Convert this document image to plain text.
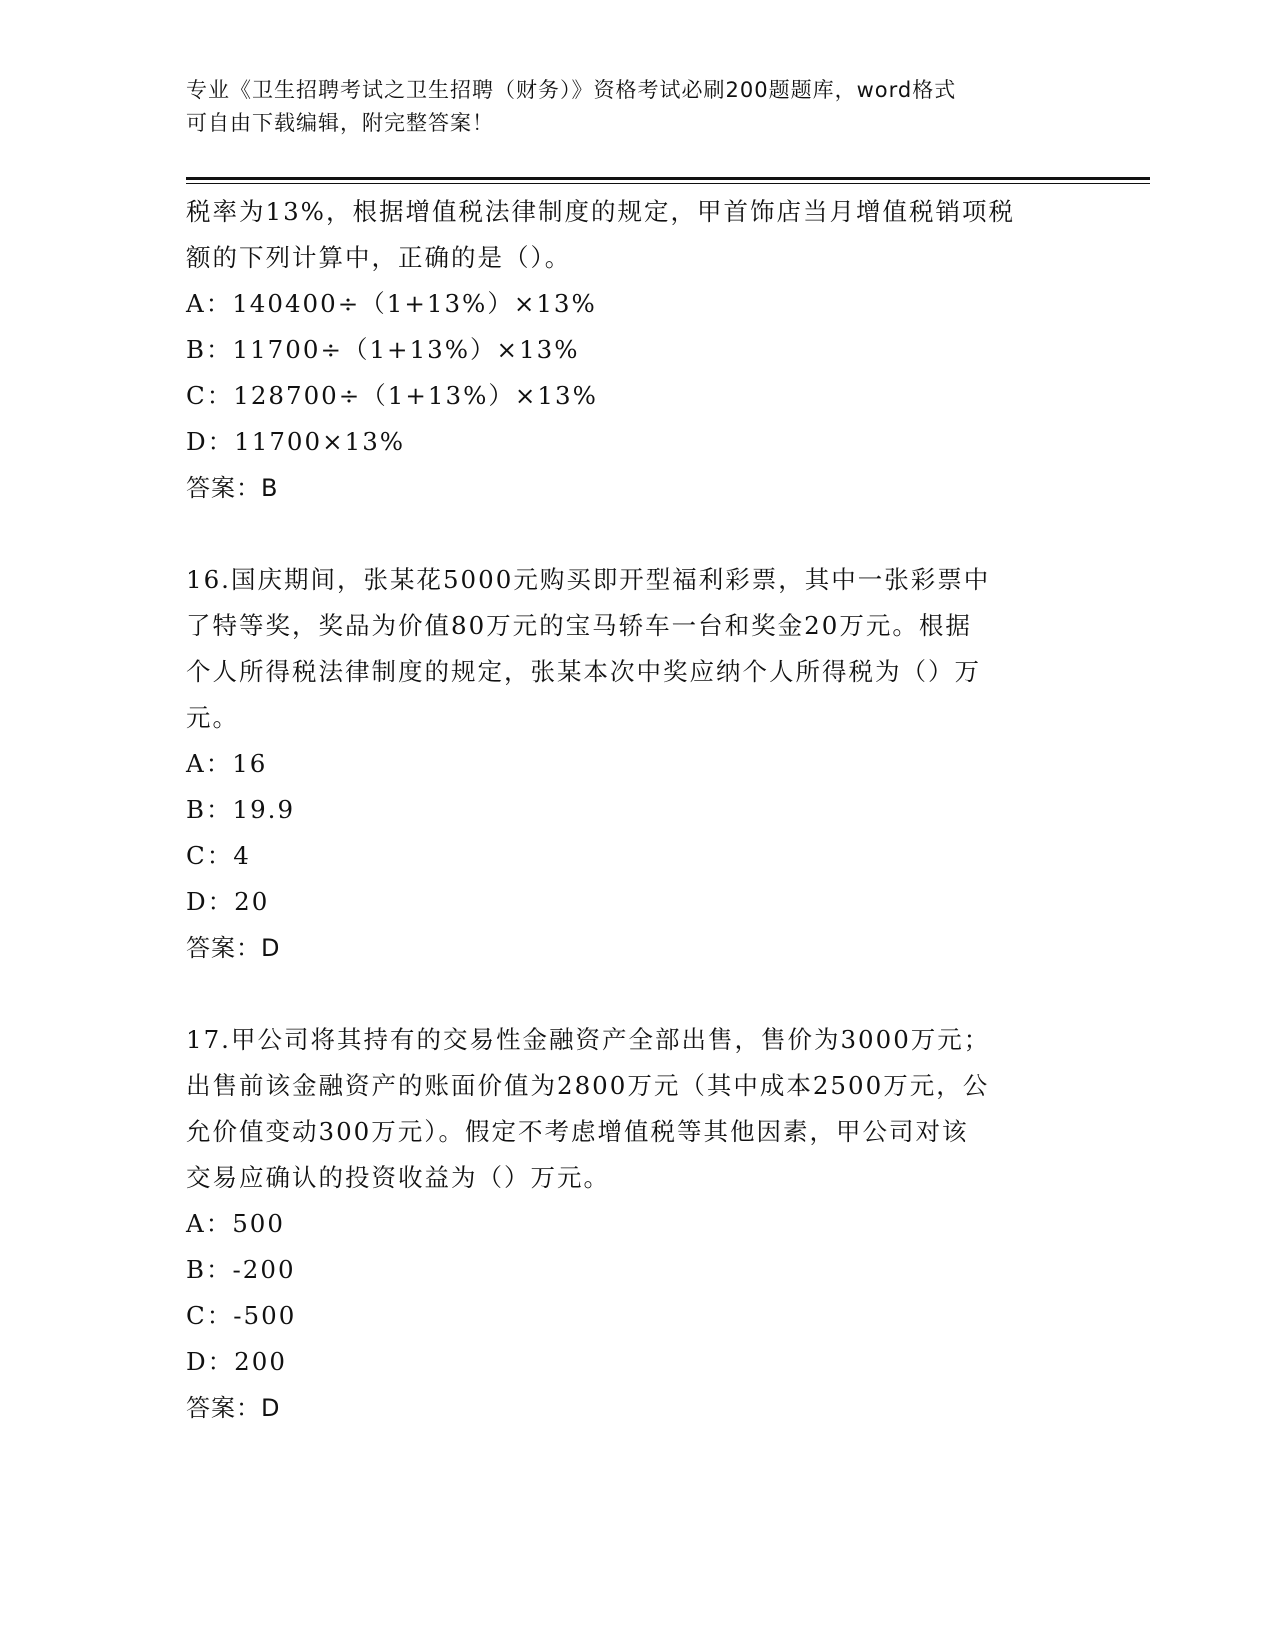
专业《卫生招聘考试之卫生招聘（财务）》资格考试必刷200题题库，word格式
可自由下载编辑，附完整答案！
税率为13%，根据增值税法律制度的规定，甲首饰店当月增值税销项税
额的下列计算中，正确的是（）。
A：140400÷（1+13%）×13%
B：11700÷（1+13%）×13%
C：128700÷（1+13%）×13%
D：11700×13%
答案：B
16.国庆期间，张某花5000元购买即开型福利彩票，其中一张彩票中
了特等奖，奖品为价值80万元的宝马轿车一台和奖金20万元。根据
个人所得税法律制度的规定，张某本次中奖应纳个人所得税为（）万
元。
A：16
B：19.9
C：4
D：20
答案：D
17.甲公司将其持有的交易性金融资产全部出售，售价为3000万元；
出售前该金融资产的账面价值为2800万元（其中成本2500万元，公
允价值变动300万元）。假定不考虑增值税等其他因素，甲公司对该
交易应确认的投资收益为（）万元。
A：500
B：-200
C：-500
D：200
答案：D
